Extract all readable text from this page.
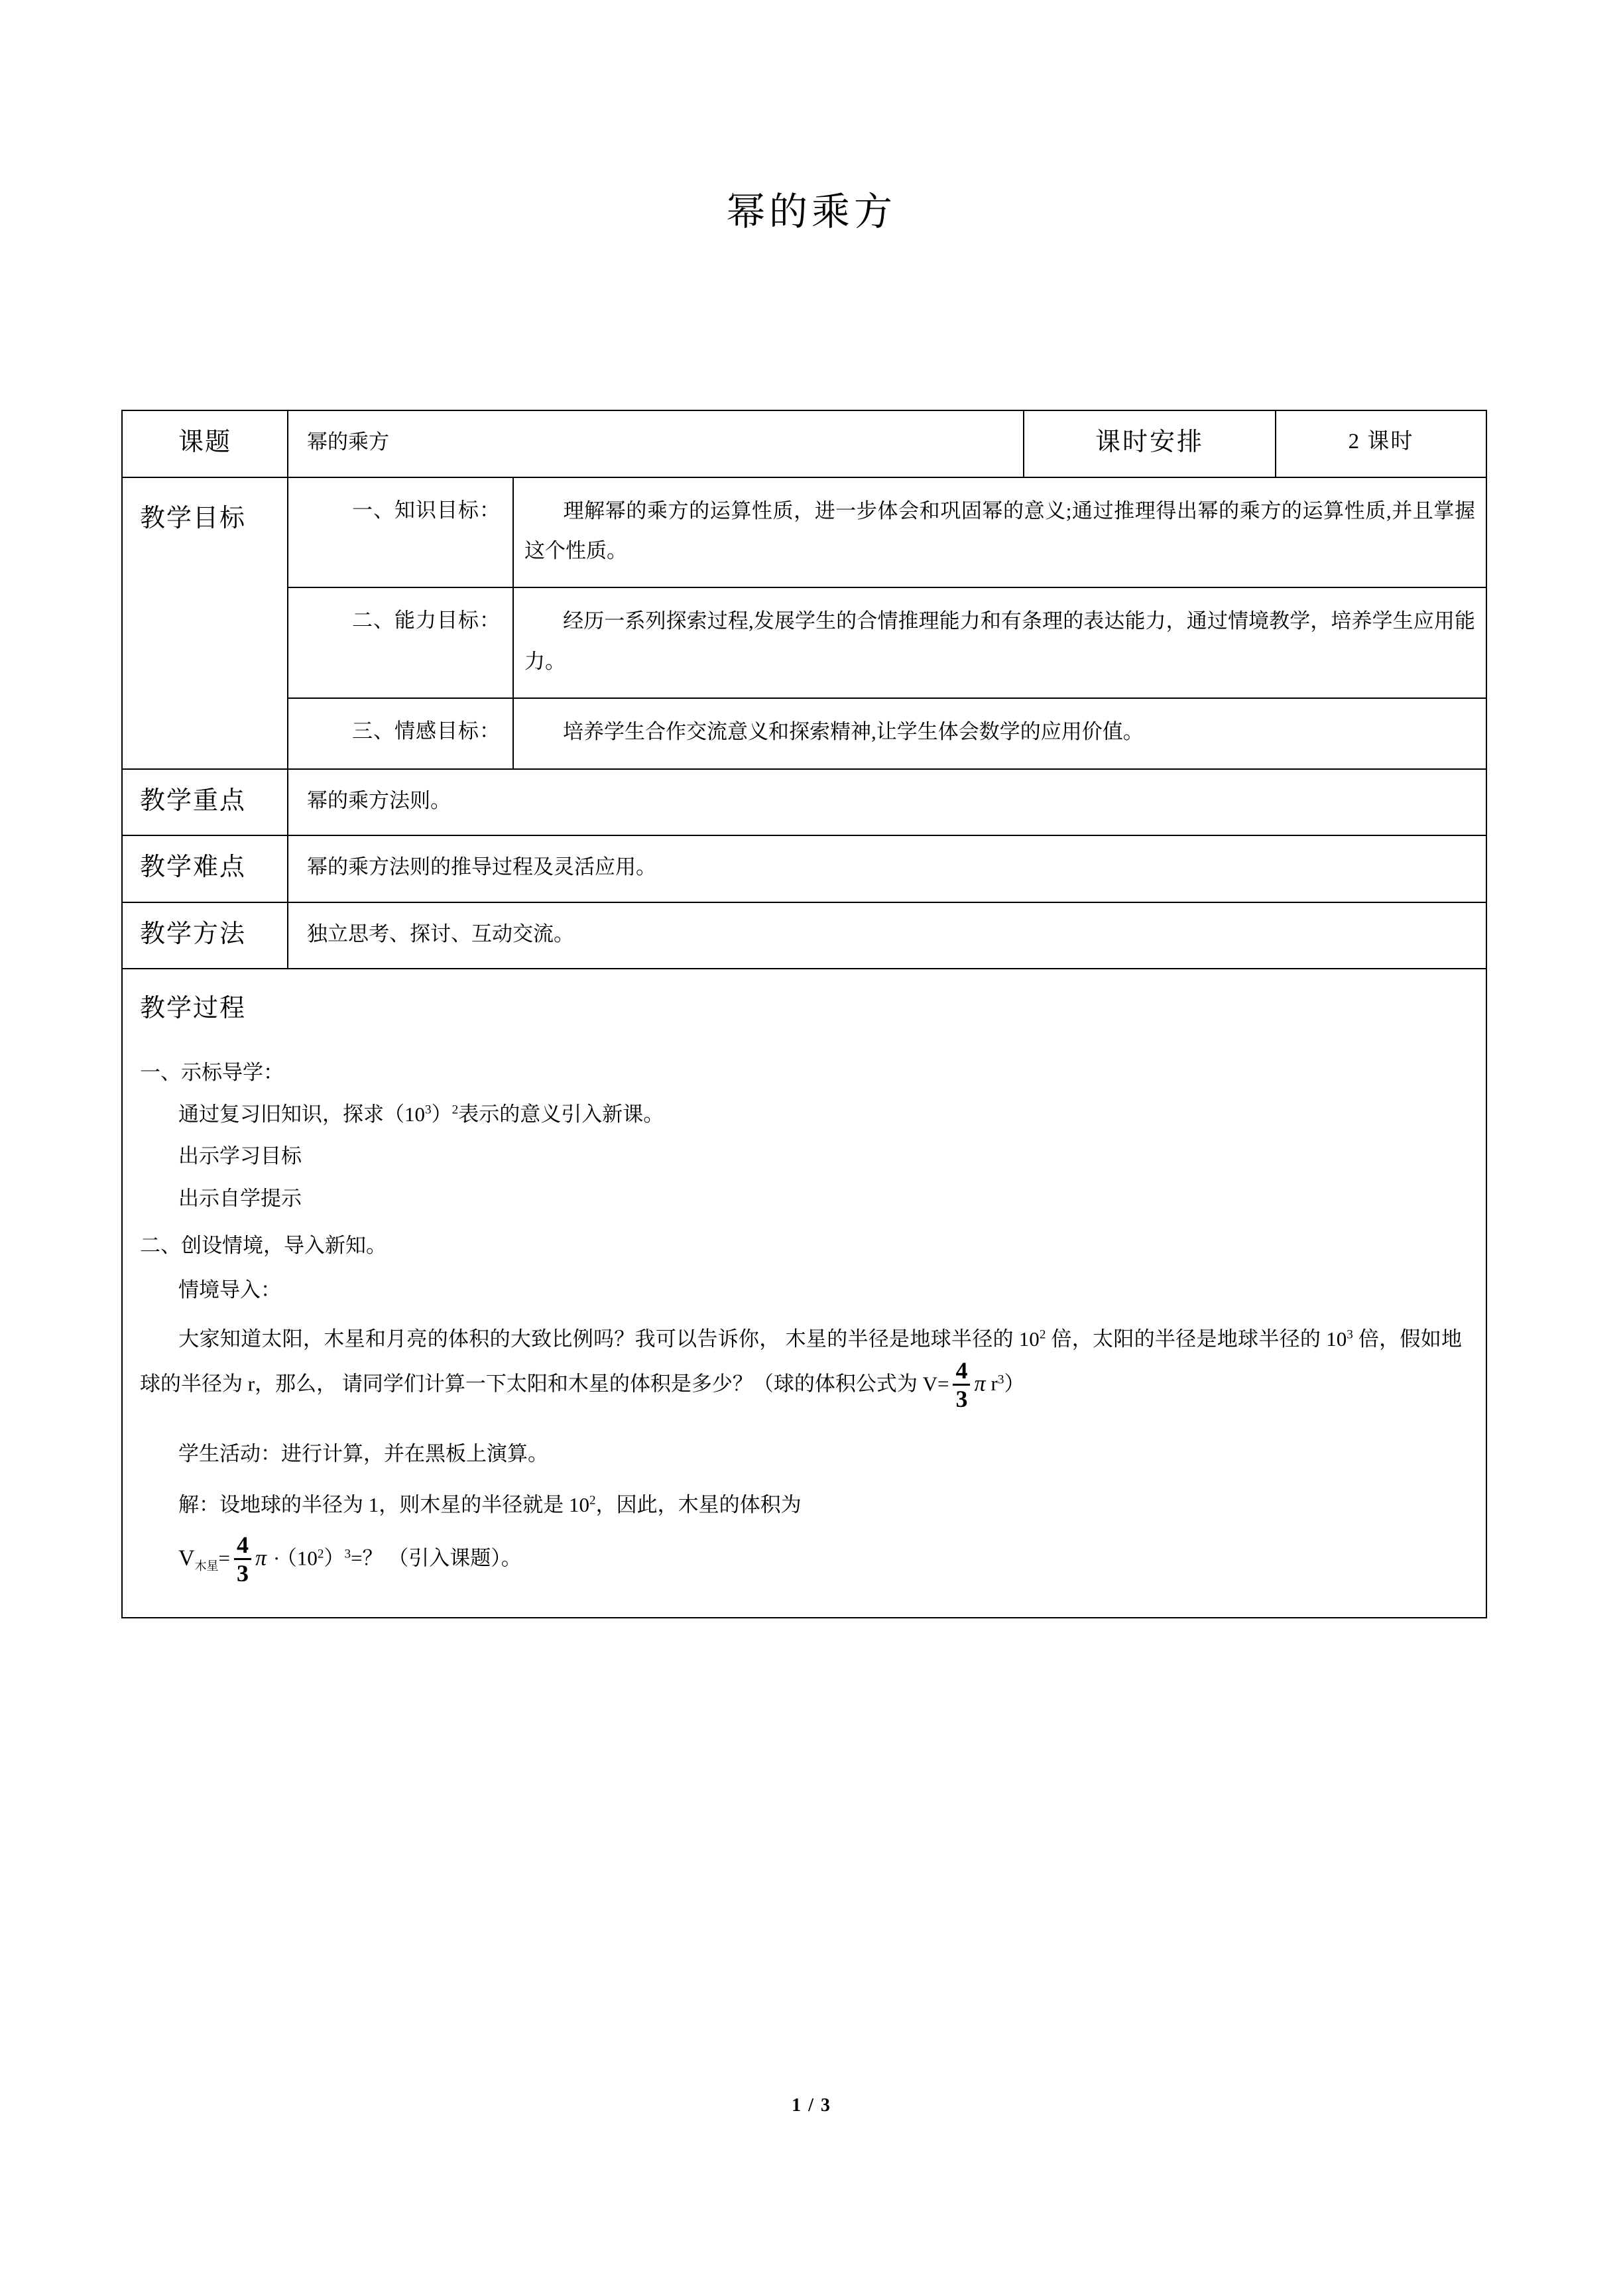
幂的乘方
课题	幂的乘方		课时安排	2 课时
教学目标	一、知识目标：	理解幂的乘方的运算性质，进一步体会和巩固幂的意义;通过推理得出幂的乘方的运算性质,并且掌握这个性质。		
	二、能力目标：	经历一系列探索过程,发展学生的合情推理能力和有条理的表达能力，通过情境教学，培养学生应用能力。		
	三、情感目标：	培养学生合作交流意义和探索精神,让学生体会数学的应用价值。		
教学重点	幂的乘方法则。			
教学难点	幂的乘方法则的推导过程及灵活应用。			
教学方法	独立思考、探讨、互动交流。			

教学过程
一、示标导学：
通过复习旧知识，探求$(10^3)^2$表示的意义引入新课。
出示学习目标
出示自学提示
二、创设情境，导入新知。
情境导入：
大家知道太阳，木星和月亮的体积的大致比例吗？我可以告诉你， 木星的半径是地球半径的 $10^2$ 倍，太阳的半径是地球半径的 $10^3$ 倍，假如地球的半径为 r，那么， 请同学们计算一下太阳和木星的体积是多少？（球的体积公式为 $V= \frac{4}{3}$ π $r^3$）
学生活动：进行计算，并在黑板上演算。
解：设地球的半径为 1，则木星的半径就是 $10^2$，因此，木星的体积为
$V_{木星}= \frac{4}{3}$ $\pi \cdot (10^2)^3=$？ （引入课题）。
1 / 3
